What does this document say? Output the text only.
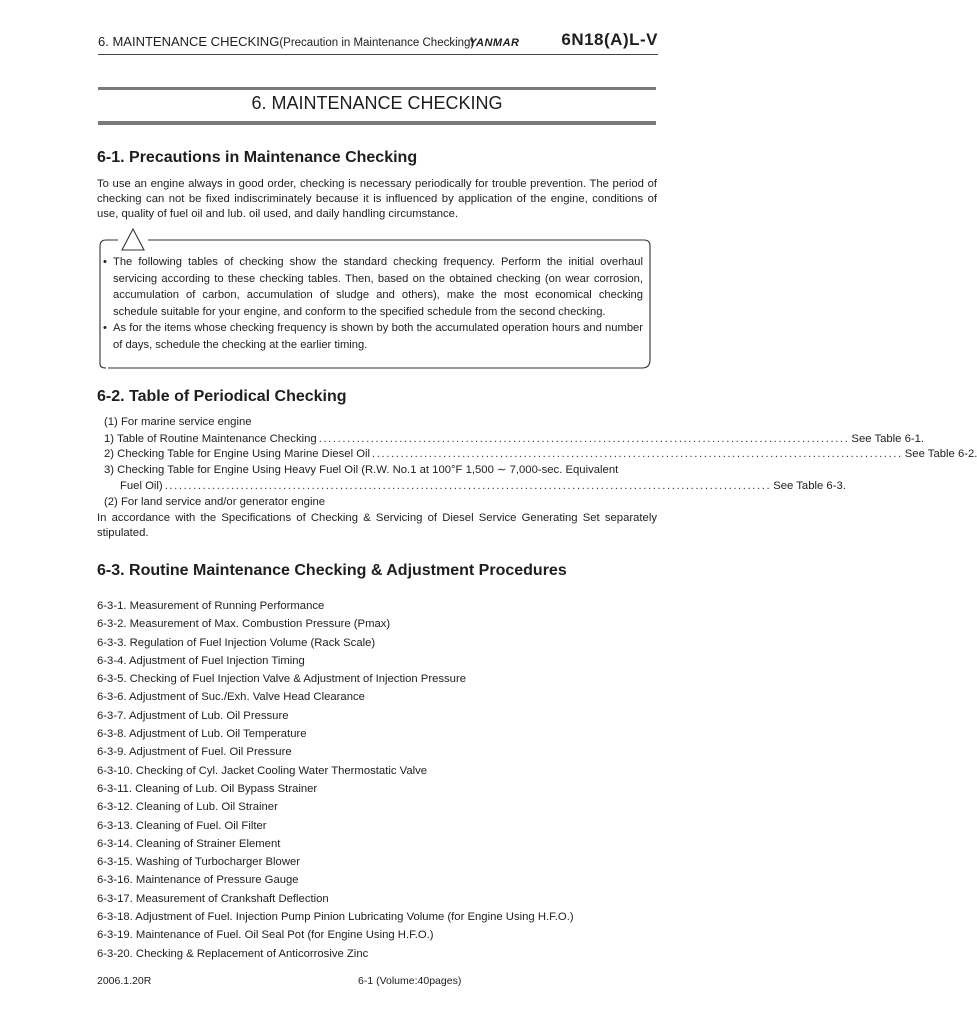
6. MAINTENANCE CHECKING(Precaution in Maintenance Checking)
YANMAR 6N18(A)L-V
6. MAINTENANCE CHECKING
6-1. Precautions in Maintenance Checking
To use an engine always in good order, checking is necessary periodically for trouble prevention. The period of checking can not be fixed indiscriminately because it is influenced by application of the engine, conditions of use, quality of fuel oil and lub. oil used, and daily handling circumstance.
• The following tables of checking show the standard checking frequency. Perform the initial overhaul servicing according to these checking tables. Then, based on the obtained checking (on wear corrosion, accumulation of carbon, accumulation of sludge and others), make the most economical checking schedule suitable for your engine, and conform to the specified schedule from the second checking.
• As for the items whose checking frequency is shown by both the accumulated operation hours and number of days, schedule the checking at the earlier timing.
6-2. Table of Periodical Checking
(1) For marine service engine
1) Table of Routine Maintenance Checking ................................................................................................................ See Table 6-1.
2) Checking Table for Engine Using Marine Diesel Oil ................................................................................................................ See Table 6-2.
3) Checking Table for Engine Using Heavy Fuel Oil (R.W. No.1 at 100°F 1,500 ∼ 7,000-sec. Equivalent
Fuel Oil) ................................................................................................................................ See Table 6-3.
(2) For land service and/or generator engine
In accordance with the Specifications of Checking & Servicing of Diesel Service Generating Set separately stipulated.
6-3. Routine Maintenance Checking & Adjustment Procedures
6-3-1. Measurement of Running Performance
6-3-2. Measurement of Max. Combustion Pressure (Pmax)
6-3-3. Regulation of Fuel Injection Volume (Rack Scale)
6-3-4. Adjustment of Fuel Injection Timing
6-3-5. Checking of Fuel Injection Valve & Adjustment of Injection Pressure
6-3-6. Adjustment of Suc./Exh. Valve Head Clearance
6-3-7. Adjustment of Lub. Oil Pressure
6-3-8. Adjustment of Lub. Oil Temperature
6-3-9. Adjustment of Fuel. Oil Pressure
6-3-10. Checking of Cyl. Jacket Cooling Water Thermostatic Valve
6-3-11. Cleaning of Lub. Oil Bypass Strainer
6-3-12. Cleaning of Lub. Oil Strainer
6-3-13. Cleaning of Fuel. Oil Filter
6-3-14. Cleaning of Strainer Element
6-3-15. Washing of Turbocharger Blower
6-3-16. Maintenance of Pressure Gauge
6-3-17. Measurement of Crankshaft Deflection
6-3-18. Adjustment of Fuel. Injection Pump Pinion Lubricating Volume (for Engine Using H.F.O.)
6-3-19. Maintenance of Fuel. Oil Seal Pot (for Engine Using H.F.O.)
6-3-20. Checking & Replacement of Anticorrosive Zinc
2006.1.20R	6-1 (Volume:40pages)
